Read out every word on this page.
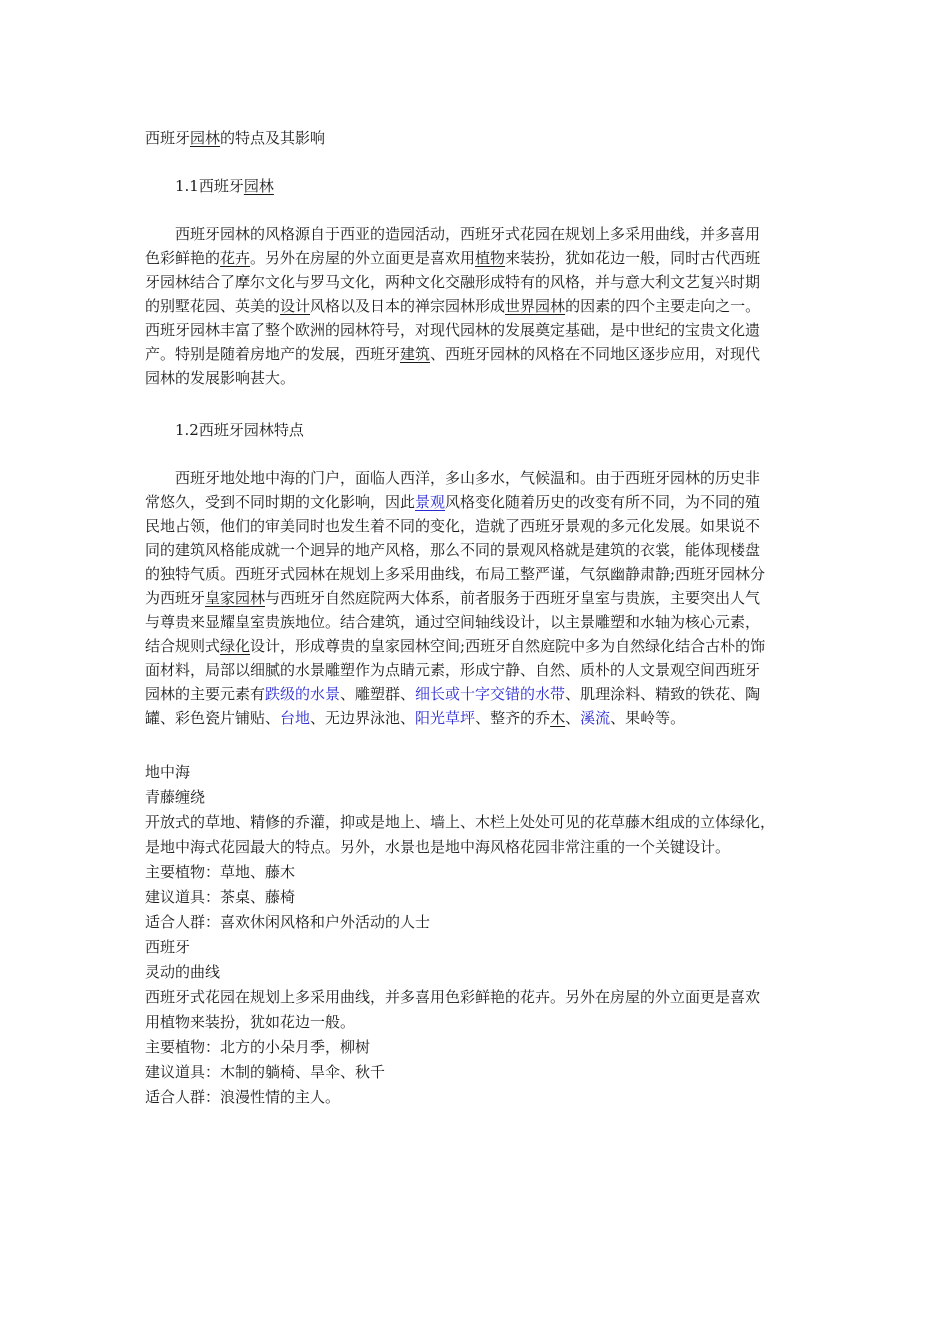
西班牙园林的特点及其影响
1.1西班牙园林
西班牙园林的风格源自于西亚的造园活动，西班牙式花园在规划上多采用曲线，并多喜用
色彩鲜艳的花卉。另外在房屋的外立面更是喜欢用植物来装扮，犹如花边一般，同时古代西班
牙园林结合了摩尔文化与罗马文化，两种文化交融形成特有的风格，并与意大利文艺复兴时期
的别墅花园、英美的设计风格以及日本的禅宗园林形成世界园林的因素的四个主要走向之一。
西班牙园林丰富了整个欧洲的园林符号，对现代园林的发展奠定基础，是中世纪的宝贵文化遗
产。特别是随着房地产的发展，西班牙建筑、西班牙园林的风格在不同地区逐步应用，对现代
园林的发展影响甚大。
1.2西班牙园林特点
西班牙地处地中海的门户，面临人西洋，多山多水，气候温和。由于西班牙园林的历史非
常悠久，受到不同时期的文化影响，因此景观风格变化随着历史的改变有所不同，为不同的殖
民地占领，他们的审美同时也发生着不同的变化，造就了西班牙景观的多元化发展。如果说不
同的建筑风格能成就一个迥异的地产风格，那么不同的景观风格就是建筑的衣裳，能体现楼盘
的独特气质。西班牙式园林在规划上多采用曲线，布局工整严谨，气氛幽静肃静;西班牙园林分
为西班牙皇家园林与西班牙自然庭院两大体系，前者服务于西班牙皇室与贵族，主要突出人气
与尊贵来显耀皇室贵族地位。结合建筑，通过空间轴线设计，以主景雕塑和水轴为核心元素，
结合规则式绿化设计，形成尊贵的皇家园林空间;西班牙自然庭院中多为自然绿化结合古朴的饰
面材料，局部以细腻的水景雕塑作为点睛元素，形成宁静、自然、质朴的人文景观空间西班牙
园林的主要元素有跌级的水景、雕塑群、细长或十字交错的水带、肌理涂料、精致的铁花、陶
罐、彩色瓷片铺贴、台地、无边界泳池、阳光草坪、整齐的乔木、溪流、果岭等。
地中海
青藤缠绕
开放式的草地、精修的乔灌，抑或是地上、墙上、木栏上处处可见的花草藤木组成的立体绿化，
是地中海式花园最大的特点。另外，水景也是地中海风格花园非常注重的一个关键设计。
主要植物：草地、藤木
建议道具：茶桌、藤椅
适合人群：喜欢休闲风格和户外活动的人士
西班牙
灵动的曲线
西班牙式花园在规划上多采用曲线，并多喜用色彩鲜艳的花卉。另外在房屋的外立面更是喜欢
用植物来装扮，犹如花边一般。
主要植物：北方的小朵月季，柳树
建议道具：木制的躺椅、旱伞、秋千
适合人群：浪漫性情的主人。
